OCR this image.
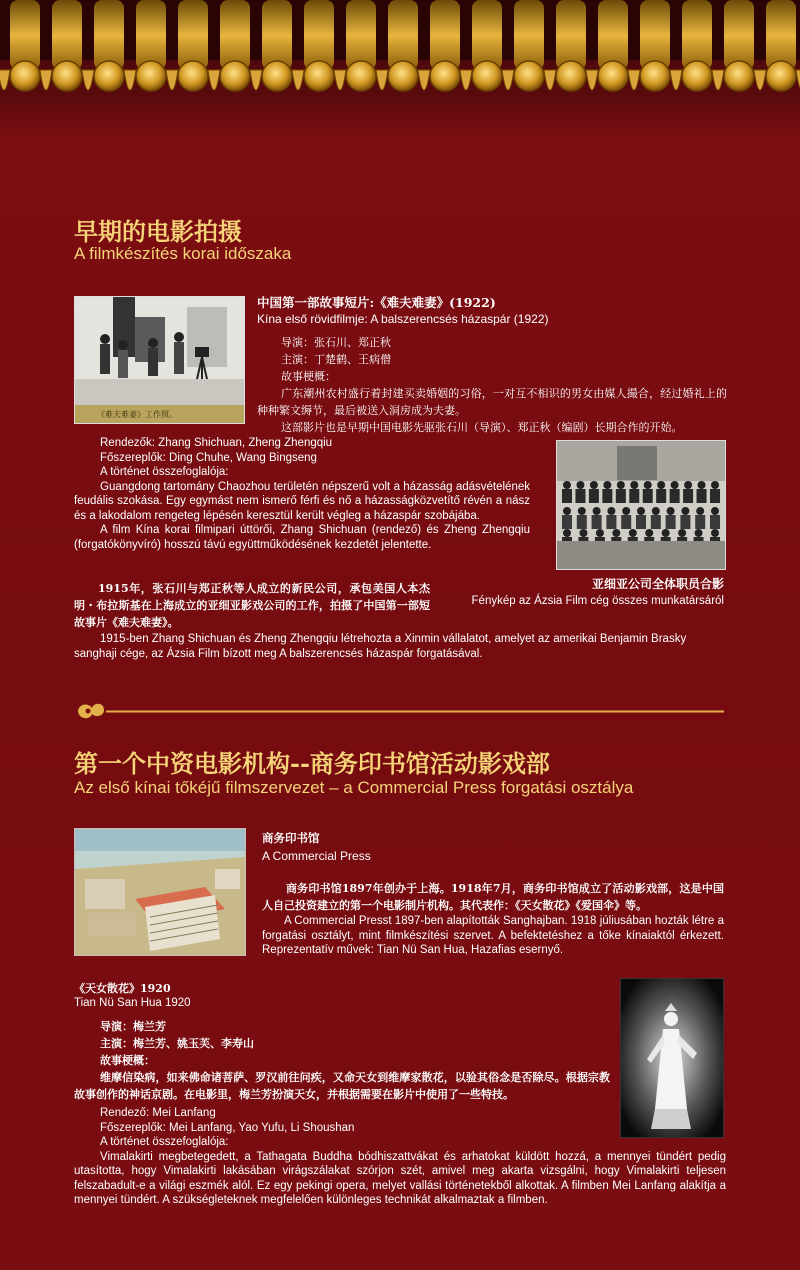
早期的电影拍摄
A filmkészítés korai időszaka
《难夫难妻》工作照。
中国第一部故事短片:《难夫难妻》(1922)
Kína első rövidfilmje: A balszerencsés házaspár (1922)
导演：张石川、郑正秋
主演：丁楚鹤、王病僧
故事梗概：
广东潮州农村盛行着封建买卖婚姻的习俗，一对互不相识的男女由媒人撮合，经过婚礼上的种种繁文缛节，最后被送入洞房成为夫妻。
这部影片也是早期中国电影先驱张石川（导演）、郑正秋（编剧）长期合作的开始。
Rendezők: Zhang Shichuan, Zheng Zhengqiu
Főszereplők: Ding Chuhe, Wang Bingseng
A történet összefoglalója:
Guangdong tartomány Chaozhou területén népszerű volt a házasság adásvételének feudális szokása. Egy egymást nem ismerő férfi és nő a házasságközvetítő révén a nász és a lakodalom rengeteg lépésén keresztül került végleg a házaspár szobájába.
A film Kína korai filmipari úttörői, Zhang Shichuan (rendező) és Zheng Zhengqiu (forgatókönyvíró) hosszú távú együttműködésének kezdetét jelentette.
亚细亚公司全体职员合影
Fénykép az Ázsia Film cég összes munkatársáról
1915年，张石川与郑正秋等人成立的新民公司，承包美国人本杰明・布拉斯基在上海成立的亚细亚影戏公司的工作，拍摄了中国第一部短故事片《难夫难妻》。
1915-ben Zhang Shichuan és Zheng Zhengqiu létrehozta a Xinmin vállalatot, amelyet az amerikai Benjamin Brasky sanghaji cége, az Ázsia Film bízott meg A balszerencsés házaspár forgatásával.
第一个中资电影机构--商务印书馆活动影戏部
Az első kínai tőkéjű filmszervezet – a Commercial Press forgatási osztálya
商务印书馆
A Commercial Press
商务印书馆1897年创办于上海。1918年7月，商务印书馆成立了活动影戏部，这是中国人自己投资建立的第一个电影制片机构。其代表作：《天女散花》《爱国伞》等。
A Commercial Presst 1897-ben alapították Sanghajban. 1918 júliusában hozták létre a forgatási osztályt, mint filmkészítési szervet. A befektetéshez a tőke kínaiaktól érkezett. Reprezentatív művek: Tian Nü San Hua, Hazafias esernyő.
《天女散花》1920
Tian Nü San Hua 1920
导演：梅兰芳
主演：梅兰芳、姚玉芙、李寿山
故事梗概：
维摩信染病，如来佛命诸菩萨、罗汉前往问疾，又命天女到维摩家散花，以验其俗念是否除尽。根据宗教故事创作的神话京剧。在电影里，梅兰芳扮演天女，并根据需要在影片中使用了一些特技。
Rendező: Mei Lanfang
Főszereplők: Mei Lanfang, Yao Yufu, Li Shoushan
A történet összefoglalója:
Vimalakirti megbetegedett, a Tathagata Buddha bódhiszattvákat és arhatokat küldött hozzá, a mennyei tündért pedig utasította, hogy Vimalakirti lakásában virágszálakat szórjon szét, amivel meg akarta vizsgálni, hogy Vimalakirti teljesen felszabadult-e a világi eszmék alól. Ez egy pekingi opera, melyet vallási történetekből alkottak. A filmben Mei Lanfang alakítja a mennyei tündért. A szükségleteknek megfelelően különleges technikát alkalmaztak a filmben.
